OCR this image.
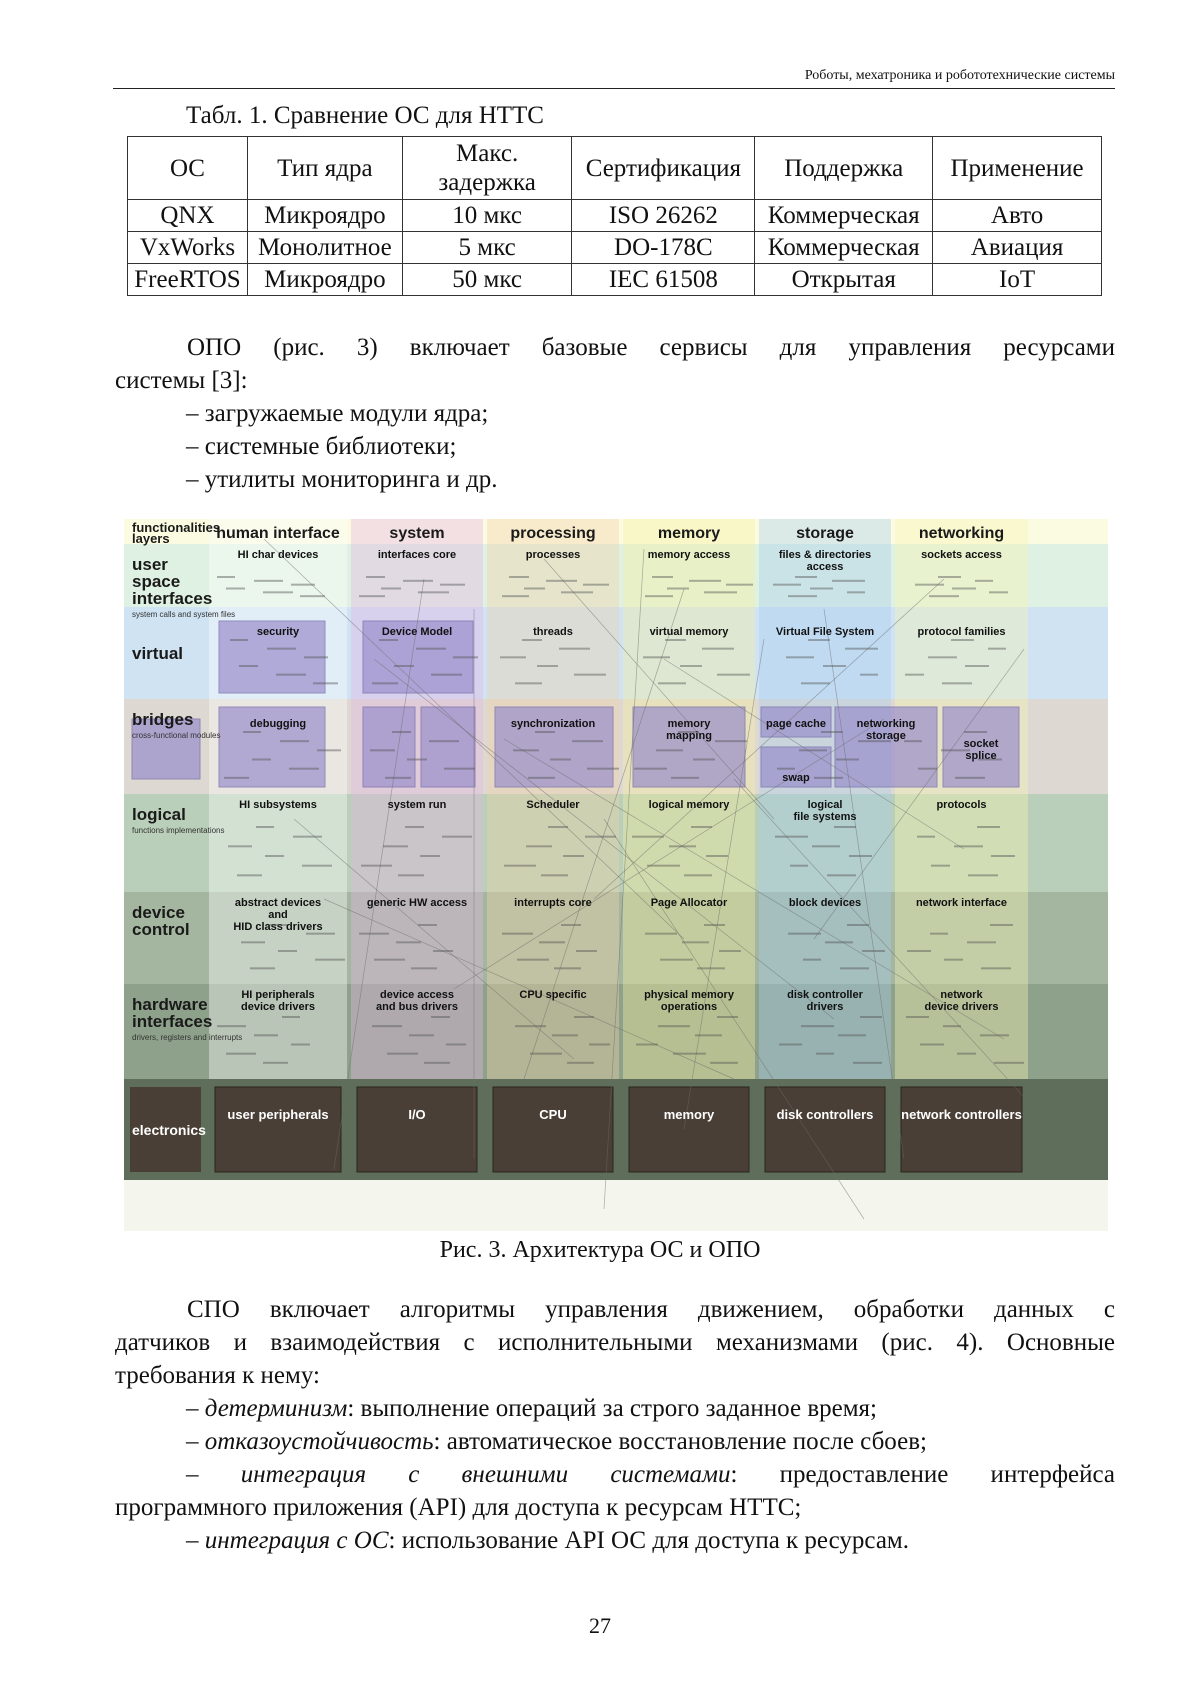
Роботы, мехатроника и робототехнические системы
Табл. 1. Сравнение ОС для НТТС
ОС	Тип ядра	Макс. задержка	Сертификация	Поддержка	Применение
QNX	Микроядро	10 мкс	ISO 26262	Коммерческая	Авто
VxWorks	Монолитное	5 мкс	DO-178C	Коммерческая	Авиация
FreeRTOS	Микроядро	50 мкс	IEC 61508	Открытая	IoT

ОПО (рис. 3) включает базовые сервисы для управления ресурсами

системы [3]:

– загружаемые модули ядра;
– системные библиотеки;
– утилиты мониторинга и др.
functionalities
layers	human interface	system	processing	memory	storage	networking
user
space
interfaces
system calls and system files
virtual
bridges
cross-functional modules
logical
functions implementations
device
control
hardware
interfaces
drivers, registers and interrupts
electronics
HI char devices	interfaces core	processes	memory access	files & directories
access
sockets access
security	Device Model	threads	virtual memory	Virtual File System	protocol families
debugging	synchronization	memory
mapping
page cache	networking
storage
HI subsystems	system run	Scheduler	logical memory	logical
file systems
protocols
abstract devices
and
HID class drivers
generic HW access	interrupts core	Page Allocator	block devices	network interface
HI peripherals
device drivers
device access
and bus drivers
CPU specific	physical memory
operations
disk controller
drivers
network
device drivers
user peripherals	I/O	CPU	memory	disk controllers network controllers
swap
socket
splice
Рис. 3. Архитектура ОС и ОПО

СПО включает алгоритмы управления движением, обработки данных с

датчиков и взаимодействия с исполнительными механизмами (рис. 4). Основные

требования к нему:

– детерминизм: выполнение операций за строго заданное время;
– отказоустойчивость: автоматическое восстановление после сбоев;
– интеграция с внешними системами: предоставление интерфейса

программного приложения (API) для доступа к ресурсам НТТС;

– интеграция с ОС: использование API ОС для доступа к ресурсам.
27
